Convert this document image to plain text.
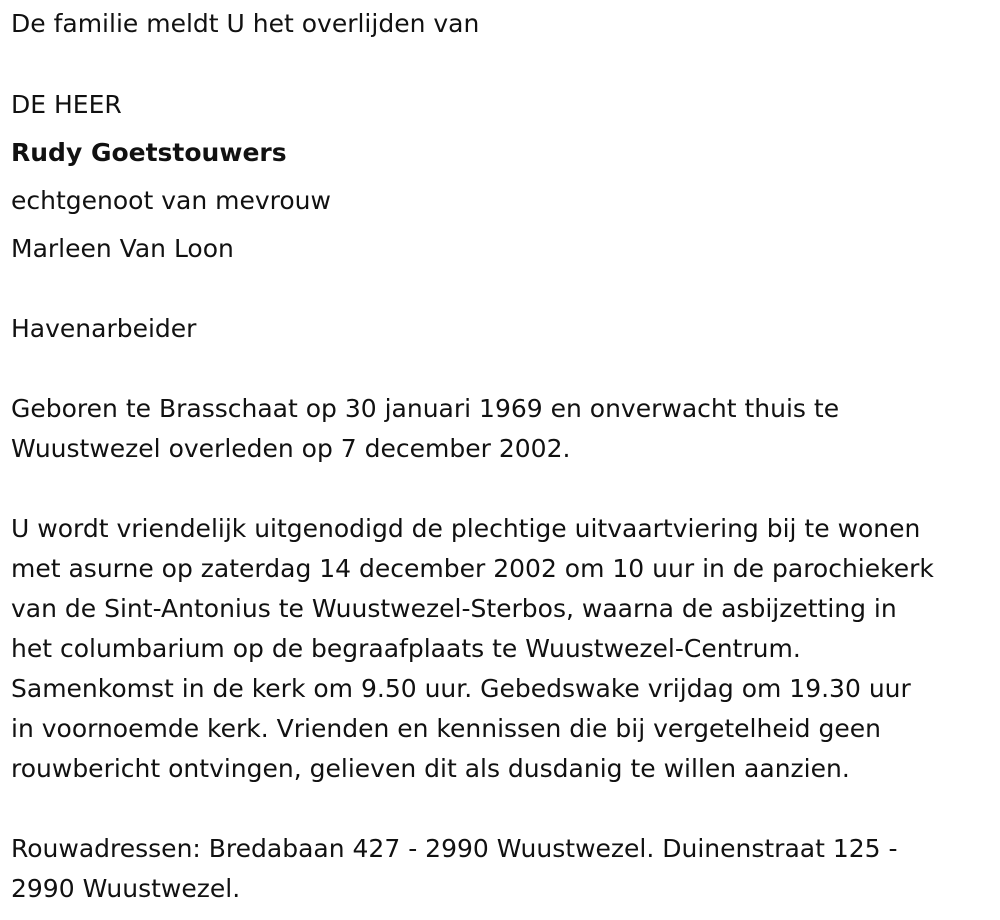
De familie meldt U het overlijden van
DE HEER
Rudy Goetstouwers
echtgenoot van mevrouw
Marleen Van Loon
Havenarbeider
Geboren te Brasschaat op 30 januari 1969 en onverwacht thuis te
Wuustwezel overleden op 7 december 2002.
U wordt vriendelijk uitgenodigd de plechtige uitvaartviering bij te wonen
met asurne op zaterdag 14 december 2002 om 10 uur in de parochiekerk
van de Sint-Antonius te Wuustwezel-Sterbos, waarna de asbijzetting in
het columbarium op de begraafplaats te Wuustwezel-Centrum.
Samenkomst in de kerk om 9.50 uur. Gebedswake vrijdag om 19.30 uur
in voornoemde kerk. Vrienden en kennissen die bij vergetelheid geen
rouwbericht ontvingen, gelieven dit als dusdanig te willen aanzien.
Rouwadressen: Bredabaan 427 - 2990 Wuustwezel. Duinenstraat 125 -
2990 Wuustwezel.
